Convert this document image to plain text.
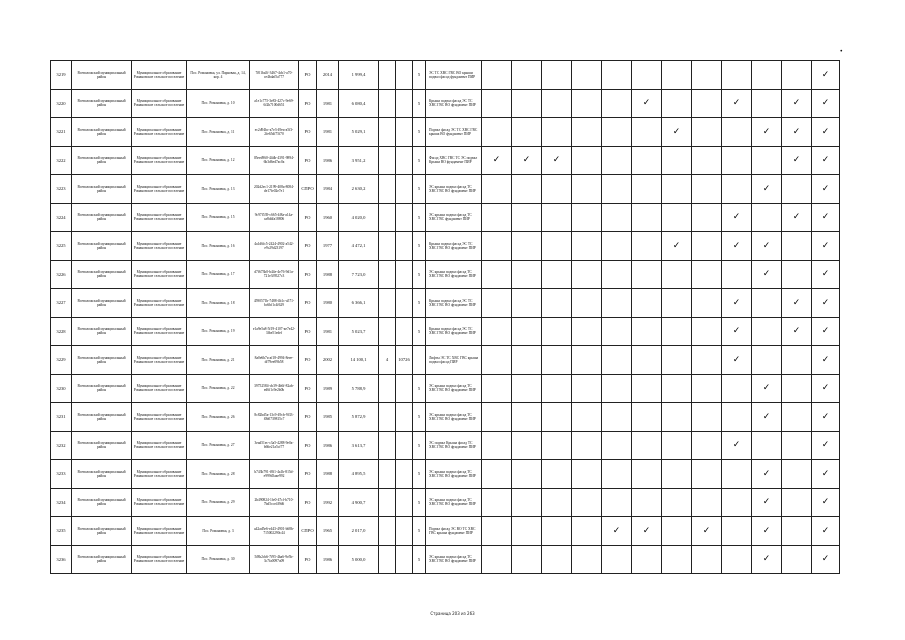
•
3219	Всеволожский муниципальный район	Муниципальное образование Романовское сельское поселение	Пос. Романовка, ул. Парковая, д. 14, кор. 4	7f01ba5f-3467-4cb1-a70-ce4bdaf5a777	РО	2014	1 999,4			5	ЭС ТС ХВС ГВС ВО крыши подвал фасад фундамент ПИР												✓
3220	Всеволожский муниципальный район	Муниципальное образование Романовское сельское поселение	Пос. Романовка, д. 10	a1e1c775-3e83-427c-9e69-6f2b7100d651	РО	1981	6 080,4			5	Крыша подвал фасад ЭС ТС ХВС ГВС ВО фундамент ПИР						✓			✓		✓	✓
3221	Всеволожский муниципальный район	Муниципальное образование Романовское сельское поселение	Пос. Романовка, д. 11	ec2d94bc-a7e3-49ea-a5f3-2fe65df75f70	РО	1981	5 029,1			5	Подвал фасад ЭС ТС ХВС ГВС крыша ВО фундамент ПИР							✓			✓	✓	✓
3222	Всеволожский муниципальный район	Муниципальное образование Романовское сельское поселение	Пос. Романовка, д. 12	05eed960-44db-4391-9894-6b3d6ed7ac0a	РО	1986	3 951,2			5	Фасад ХВС ГВС ТС ЭС подвал Крыша ВО фундамент ПИР	✓	✓	✓								✓	✓
3223	Всеволожский муниципальный район	Муниципальное образование Романовское сельское поселение	Пос. Романовка, д. 13	202d2ec1-2199-408a-8084-de17fe02e7e1	СПРО	1984	2 630,2			5	ЭС крыша подвал фасад ТС ХВС ГВС ВО фундамент ПИР										✓		✓
3224	Всеволожский муниципальный район	Муниципальное образование Романовское сельское поселение	Пос. Романовка, д. 15	9c97f539-c665-4f8a-a14a-ca8ddfa18806	РО	1960	4 020,0			5	ЭС крыша подвал фасад ТС ХВС ГВС фундамент ПИР									✓		✓	✓
3225	Всеволожский муниципальный район	Муниципальное образование Романовское сельское поселение	Пос. Романовка, д. 16	4a1d6fc5-2424-4902-a542-e9c29d23197	РО	1977	4 472,1			5	Крыша подвал фасад ЭС ТС ХВС ГВС ВО фундамент ПИР							✓		✓	✓		✓
3226	Всеволожский муниципальный район	Муниципальное образование Романовское сельское поселение	Пос. Романовка, д. 17	d7f673b0-b44e-4e76-9d1a-721e3f9527c3	РО	1988	7 723,0			5	ЭС крыша подвал фасад ТС ХВС ГВС ВО фундамент ПИР										✓		✓
3227	Всеволожский муниципальный район	Муниципальное образование Романовское сельское поселение	Пос. Романовка, д. 18	4590571b-7488-4b1c-a571-bc6bf1c4f629	РО	1980	6 366,1			5	Крыша подвал фасад ЭС ТС ХВС ГВС ВО фундамент ПИР									✓		✓	✓
3228	Всеволожский муниципальный район	Муниципальное образование Романовское сельское поселение	Пос. Романовка, д. 19	e1a9e5a8-5f19-4107-ae7e42-3fbe51edef	РО	1981	5 023,7			5	Крыша подвал фасад ЭС ТС ХВС ГВС ВО фундамент ПИР									✓		✓	✓
3229	Всеволожский муниципальный район	Муниципальное образование Романовское сельское поселение	Пос. Романовка, д. 21	8a0e6b7a-af18-4994-8eee-df79ee09b58	РО	2002	14 100,1	4	10726		Лифты ЭС ТС ХВС ГВС крыша подвал фасад ПИР									✓			✓
3230	Всеволожский муниципальный район	Муниципальное образование Романовское сельское поселение	Пос. Романовка, д. 22	39752584-cb39-4b6f-82ab-ed6f1c9e2b0b	РО	1989	5 788,9			5	ЭС крыша подвал фасад ТС ХВС ГВС ВО фундамент ПИР										✓		✓
3231	Всеволожский муниципальный район	Муниципальное образование Романовское сельское поселение	Пос. Романовка, д. 26	8c82bd5a-13c9-49cb-9f33-f0b0739815c7	РО	1985	5 872,9			5	ЭС крыша подвал фасад ТС ХВС ГВС ВО фундамент ПИР										✓		✓
3232	Всеволожский муниципальный район	Муниципальное образование Романовское сельское поселение	Пос. Романовка, д. 27	3ead51ec-c3a5-4288-9e0a-b66e21a5cf77	РО	1986	3 613,7			5	ЭС подвал Крыша фасад ТС ХВС ГВС ВО фундамент ПИР									✓			✓
3233	Всеволожский муниципальный район	Муниципальное образование Романовское сельское поселение	Пос. Романовка, д. 28	b743b791-f8f1-4a1b-815d-e999d5aae992	РО	1988	4 895,5			5	ЭС крыша подвал фасад ТС ХВС ГВС ВО фундамент ПИР										✓		✓
3234	Всеволожский муниципальный район	Муниципальное образование Романовское сельское поселение	Пос. Романовка, д. 29	2b490824-1fe0-47cf-b710-7bd5cce4f9d6	РО	1992	4 900,7			5	ЭС крыша подвал фасад ТС ХВС ГВС ВО фундамент ПИР										✓		✓
3235	Всеволожский муниципальный район	Муниципальное образование Романовское сельское поселение	Пос. Романовка, д. 3	a42ad5e6-e443-4901-b68b-715002290c44	СПРО	1965	2 017,0			5	Подвал фасад ЭС ВО ТС ХВС ГВС крыша фундамент ПИР					✓	✓		✓		✓		✓
3236	Всеволожский муниципальный район	Муниципальное образование Романовское сельское поселение	Пос. Романовка, д. 30	5f8b2cb6-7f95-4ba6-9e5b-3c7fa0097a09	РО	1986	5 000,0			5	ЭС крыша подвал фасад ТС ХВС ГВС ВО фундамент ПИР										✓		✓
Страница 203 из 263
